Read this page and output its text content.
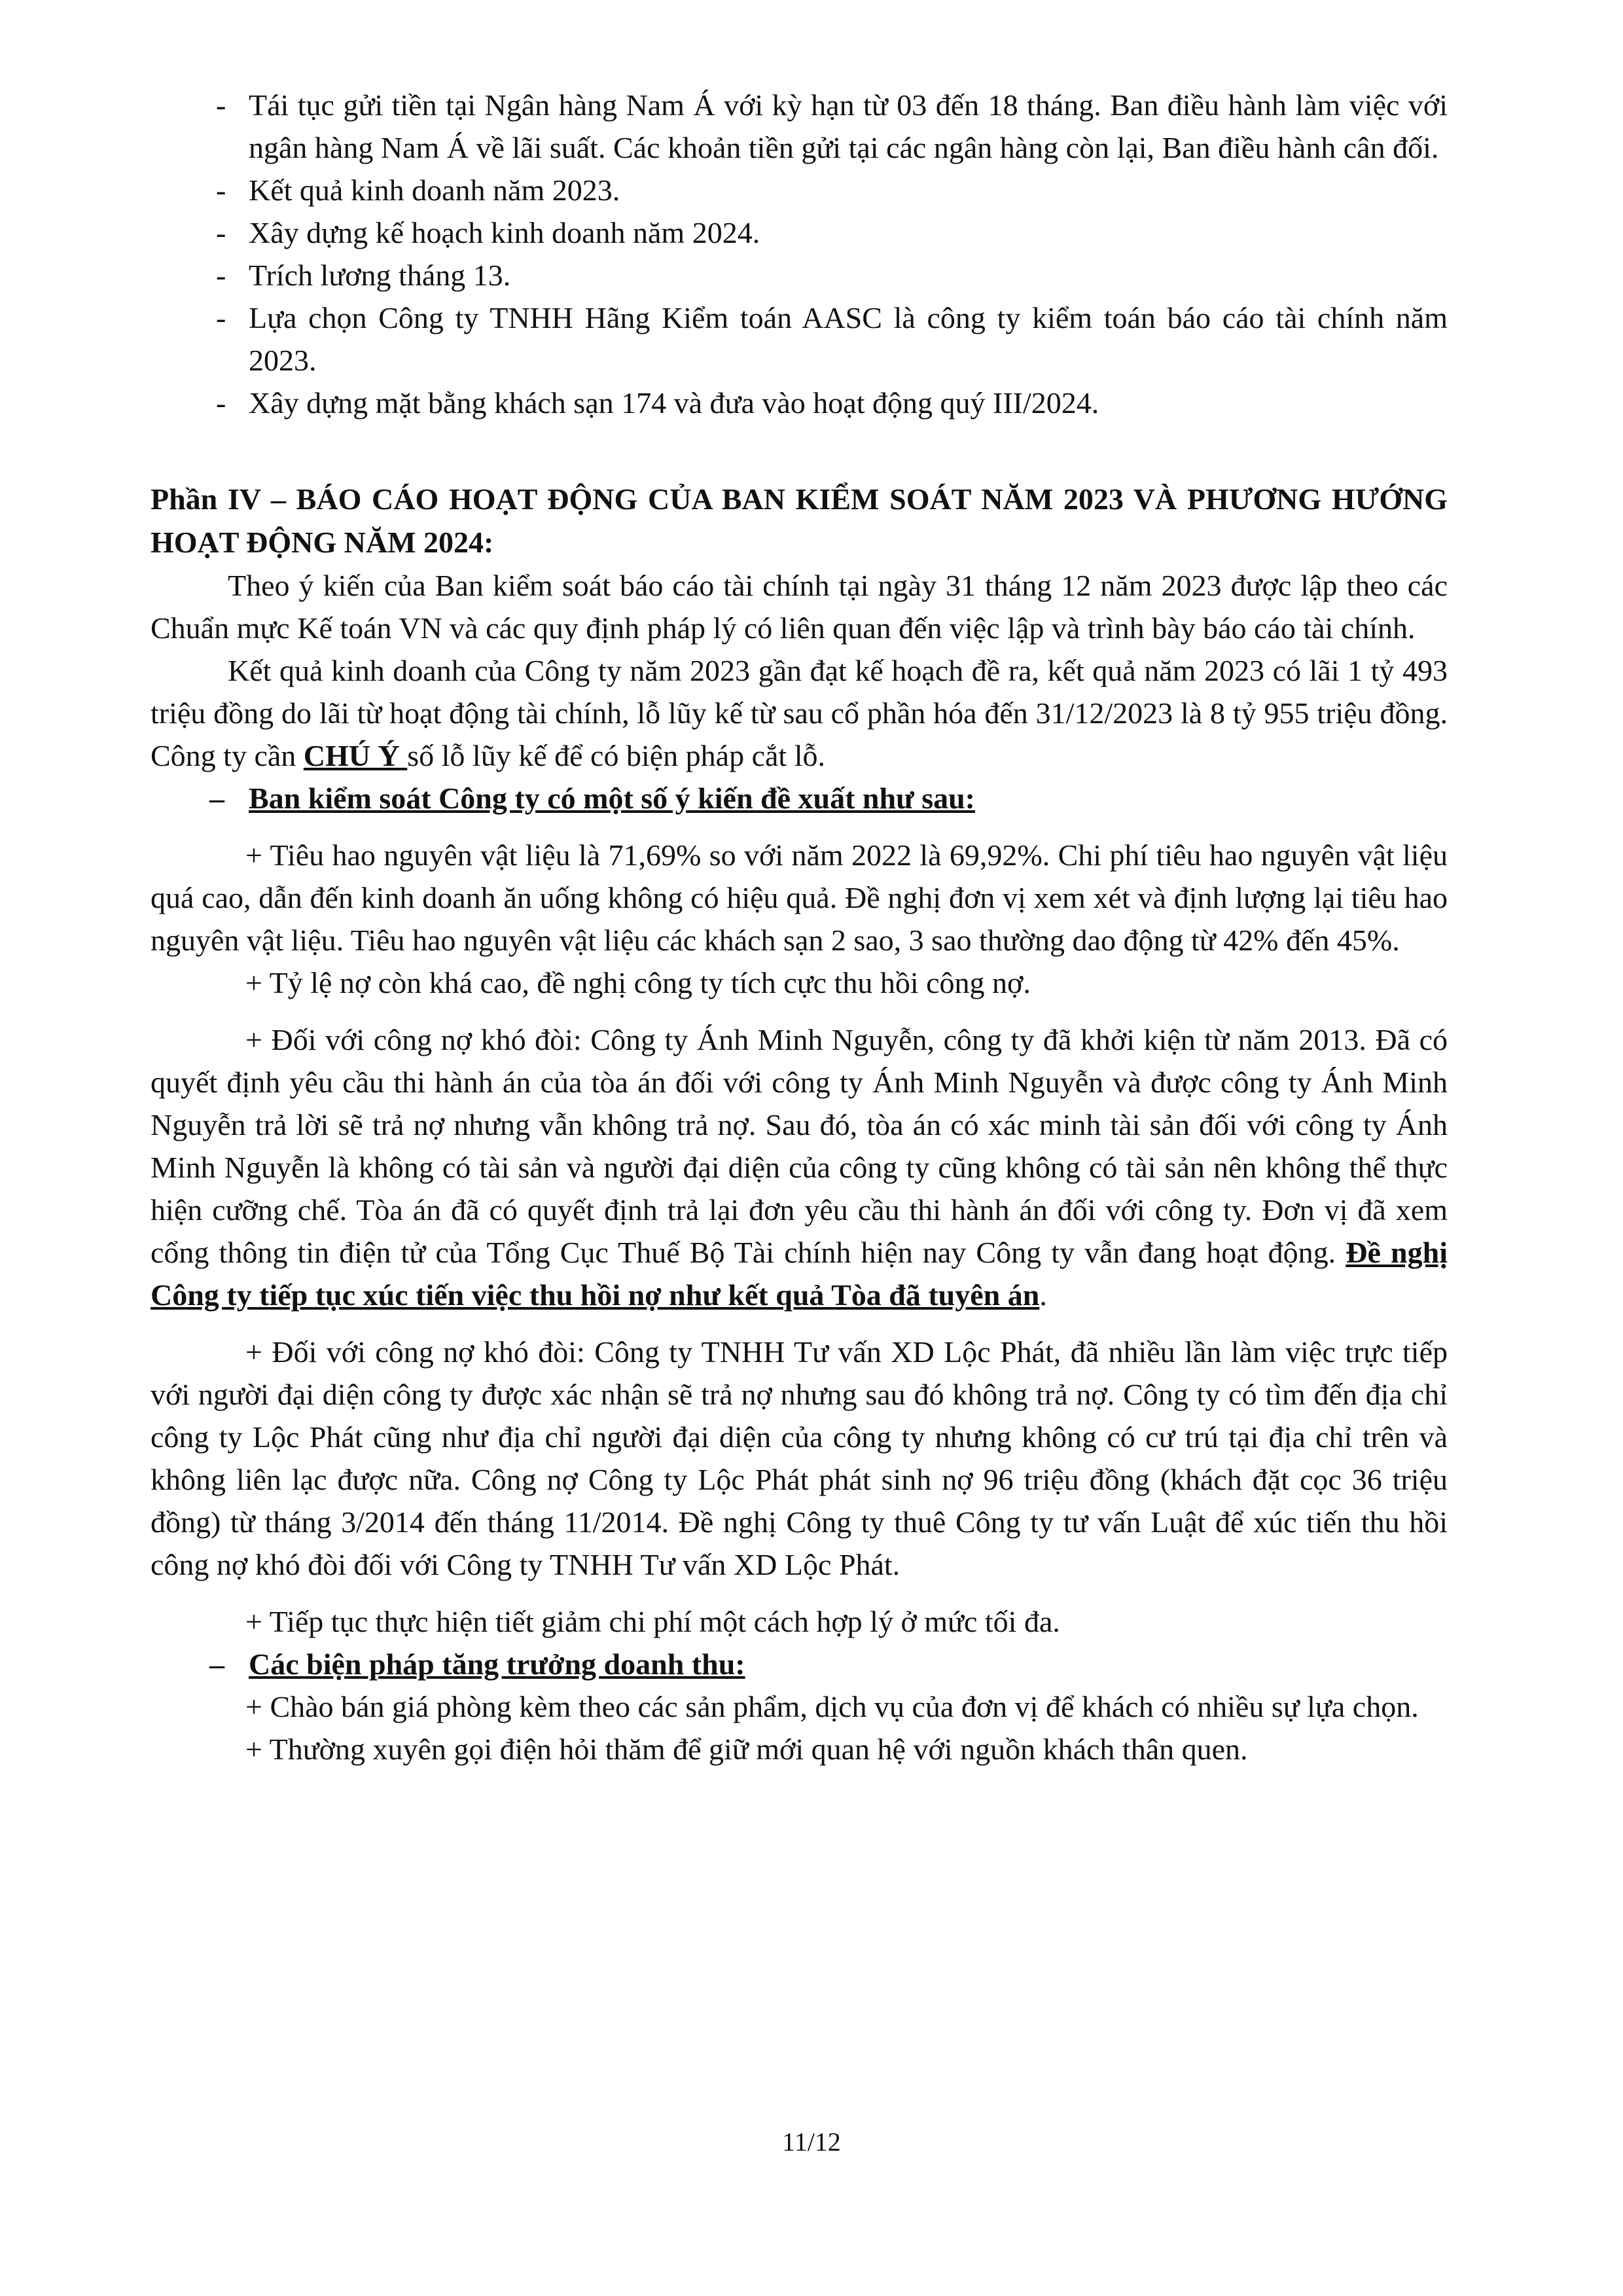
- Tái tục gửi tiền tại Ngân hàng Nam Á với kỳ hạn từ 03 đến 18 tháng. Ban điều hành làm việc với ngân hàng Nam Á về lãi suất. Các khoản tiền gửi tại các ngân hàng còn lại, Ban điều hành cân đối.

- Kết quả kinh doanh năm 2023.

- Xây dựng kế hoạch kinh doanh năm 2024.

- Trích lương tháng 13.

- Lựa chọn Công ty TNHH Hãng Kiểm toán AASC là công ty kiểm toán báo cáo tài chính năm 2023.

- Xây dựng mặt bằng khách sạn 174 và đưa vào hoạt động quý III/2024.

Phần IV – BÁO CÁO HOẠT ĐỘNG CỦA BAN KIỂM SOÁT NĂM 2023 VÀ PHƯƠNG HƯỚNG HOẠT ĐỘNG NĂM 2024:

Theo ý kiến của Ban kiểm soát báo cáo tài chính tại ngày 31 tháng 12 năm 2023 được lập theo các Chuẩn mực Kế toán VN và các quy định pháp lý có liên quan đến việc lập và trình bày báo cáo tài chính.

Kết quả kinh doanh của Công ty năm 2023 gần đạt kế hoạch đề ra, kết quả năm 2023 có lãi 1 tỷ 493 triệu đồng do lãi từ hoạt động tài chính, lỗ lũy kế từ sau cổ phần hóa đến 31/12/2023 là 8 tỷ 955 triệu đồng. Công ty cần CHÚ Ý số lỗ lũy kế để có biện pháp cắt lỗ.

– Ban kiểm soát Công ty có một số ý kiến đề xuất như sau:

+ Tiêu hao nguyên vật liệu là 71,69% so với năm 2022 là 69,92%. Chi phí tiêu hao nguyên vật liệu quá cao, dẫn đến kinh doanh ăn uống không có hiệu quả. Đề nghị đơn vị xem xét và định lượng lại tiêu hao nguyên vật liệu. Tiêu hao nguyên vật liệu các khách sạn 2 sao, 3 sao thường dao động từ 42% đến 45%.

+ Tỷ lệ nợ còn khá cao, đề nghị công ty tích cực thu hồi công nợ.

+ Đối với công nợ khó đòi: Công ty Ánh Minh Nguyễn, công ty đã khởi kiện từ năm 2013. Đã có quyết định yêu cầu thi hành án của tòa án đối với công ty Ánh Minh Nguyễn và được công ty Ánh Minh Nguyễn trả lời sẽ trả nợ nhưng vẫn không trả nợ. Sau đó, tòa án có xác minh tài sản đối với công ty Ánh Minh Nguyễn là không có tài sản và người đại diện của công ty cũng không có tài sản nên không thể thực hiện cưỡng chế. Tòa án đã có quyết định trả lại đơn yêu cầu thi hành án đối với công ty. Đơn vị đã xem cổng thông tin điện tử của Tổng Cục Thuế Bộ Tài chính hiện nay Công ty vẫn đang hoạt động. Đề nghị Công ty tiếp tục xúc tiến việc thu hồi nợ như kết quả Tòa đã tuyên án.

+ Đối với công nợ khó đòi: Công ty TNHH Tư vấn XD Lộc Phát, đã nhiều lần làm việc trực tiếp với người đại diện công ty được xác nhận sẽ trả nợ nhưng sau đó không trả nợ. Công ty có tìm đến địa chỉ công ty Lộc Phát cũng như địa chỉ người đại diện của công ty nhưng không có cư trú tại địa chỉ trên và không liên lạc được nữa. Công nợ Công ty Lộc Phát phát sinh nợ 96 triệu đồng (khách đặt cọc 36 triệu đồng) từ tháng 3/2014 đến tháng 11/2014. Đề nghị Công ty thuê Công ty tư vấn Luật để xúc tiến thu hồi công nợ khó đòi đối với Công ty TNHH Tư vấn XD Lộc Phát.

+ Tiếp tục thực hiện tiết giảm chi phí một cách hợp lý ở mức tối đa.

– Các biện pháp tăng trưởng doanh thu:

+ Chào bán giá phòng kèm theo các sản phẩm, dịch vụ của đơn vị để khách có nhiều sự lựa chọn.

+ Thường xuyên gọi điện hỏi thăm để giữ mới quan hệ với nguồn khách thân quen.

11/12
